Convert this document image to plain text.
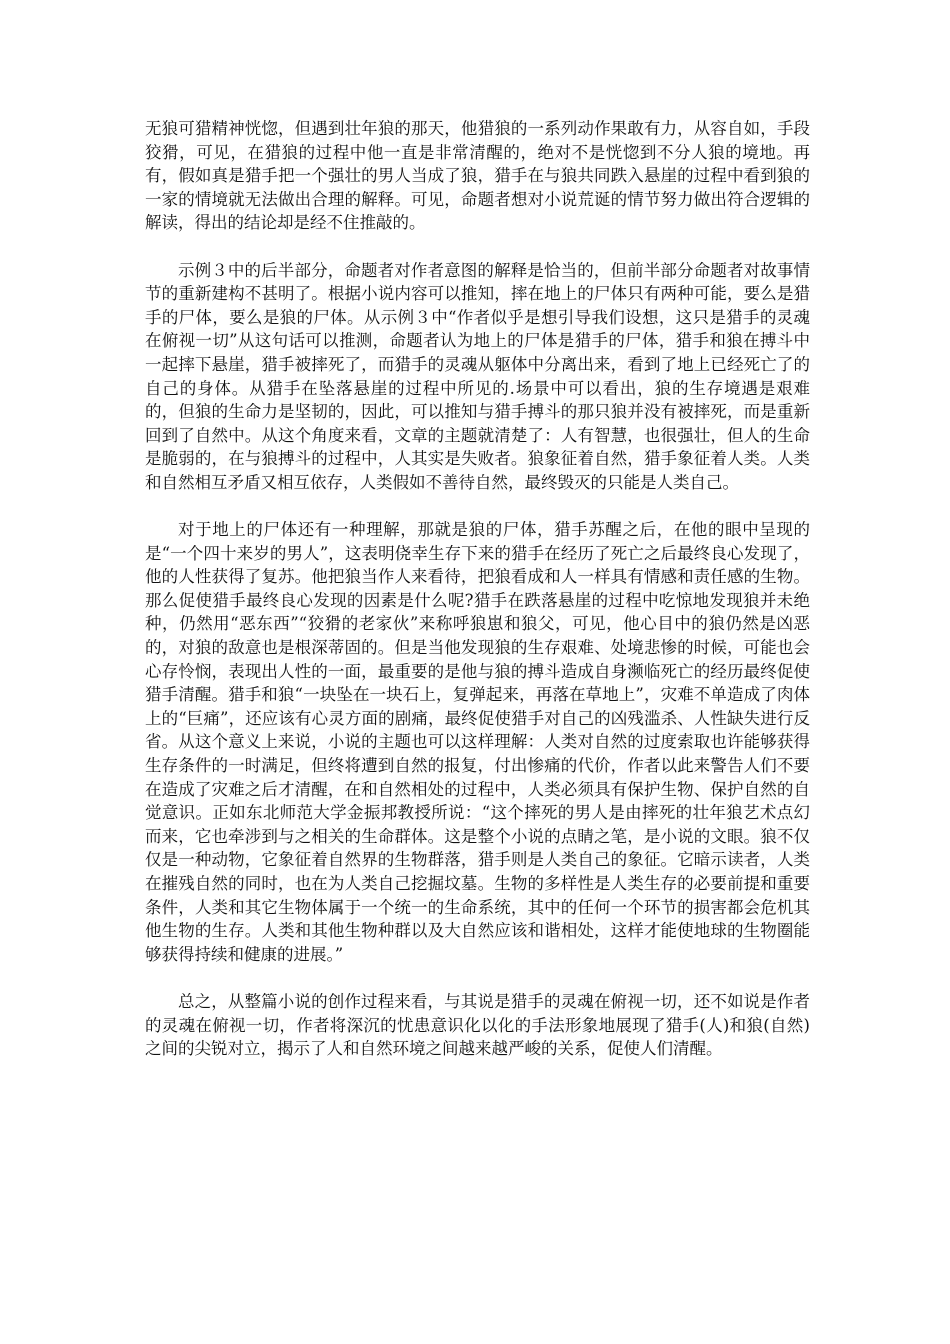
无狼可猎精神恍惚，但遇到壮年狼的那天，他猎狼的一系列动作果敢有力，从容自如，手段狡猾，可见，在猎狼的过程中他一直是非常清醒的，绝对不是恍惚到不分人狼的境地。再有，假如真是猎手把一个强壮的男人当成了狼，猎手在与狼共同跌入悬崖的过程中看到狼的一家的情境就无法做出合理的解释。可见，命题者想对小说荒诞的情节努力做出符合逻辑的解读，得出的结论却是经不住推敲的。

示例３中的后半部分，命题者对作者意图的解释是恰当的，但前半部分命题者对故事情节的重新建构不甚明了。根据小说内容可以推知，摔在地上的尸体只有两种可能，要么是猎手的尸体，要么是狼的尸体。从示例３中“作者似乎是想引导我们设想，这只是猎手的灵魂在俯视一切”从这句话可以推测，命题者认为地上的尸体是猎手的尸体，猎手和狼在搏斗中一起摔下悬崖，猎手被摔死了，而猎手的灵魂从躯体中分离出来，看到了地上已经死亡了的自己的身体。从猎手在坠落悬崖的过程中所见的.场景中可以看出，狼的生存境遇是艰难的，但狼的生命力是坚韧的，因此，可以推知与猎手搏斗的那只狼并没有被摔死，而是重新回到了自然中。从这个角度来看，文章的主题就清楚了：人有智慧，也很强壮，但人的生命是脆弱的，在与狼搏斗的过程中，人其实是失败者。狼象征着自然，猎手象征着人类。人类和自然相互矛盾又相互依存，人类假如不善待自然，最终毁灭的只能是人类自己。

对于地上的尸体还有一种理解，那就是狼的尸体，猎手苏醒之后，在他的眼中呈现的是“一个四十来岁的男人”，这表明侥幸生存下来的猎手在经历了死亡之后最终良心发现了，他的人性获得了复苏。他把狼当作人来看待，把狼看成和人一样具有情感和责任感的生物。那么促使猎手最终良心发现的因素是什么呢?猎手在跌落悬崖的过程中吃惊地发现狼并未绝种，仍然用“恶东西”“狡猾的老家伙”来称呼狼崽和狼父，可见，他心目中的狼仍然是凶恶的，对狼的敌意也是根深蒂固的。但是当他发现狼的生存艰难、处境悲惨的时候，可能也会心存怜悯，表现出人性的一面，最重要的是他与狼的搏斗造成自身濒临死亡的经历最终促使猎手清醒。猎手和狼“一块坠在一块石上，复弹起来，再落在草地上”，灾难不单造成了肉体上的“巨痛”，还应该有心灵方面的剧痛，最终促使猎手对自己的凶残滥杀、人性缺失进行反省。从这个意义上来说，小说的主题也可以这样理解：人类对自然的过度索取也许能够获得生存条件的一时满足，但终将遭到自然的报复，付出惨痛的代价，作者以此来警告人们不要在造成了灾难之后才清醒，在和自然相处的过程中，人类必须具有保护生物、保护自然的自觉意识。正如东北师范大学金振邦教授所说：“这个摔死的男人是由摔死的壮年狼艺术点幻而来，它也牵涉到与之相关的生命群体。这是整个小说的点睛之笔，是小说的文眼。狼不仅仅是一种动物，它象征着自然界的生物群落，猎手则是人类自己的象征。它暗示读者，人类在摧残自然的同时，也在为人类自己挖掘坟墓。生物的多样性是人类生存的必要前提和重要条件，人类和其它生物体属于一个统一的生命系统，其中的任何一个环节的损害都会危机其他生物的生存。人类和其他生物种群以及大自然应该和谐相处，这样才能使地球的生物圈能够获得持续和健康的进展。”

总之，从整篇小说的创作过程来看，与其说是猎手的灵魂在俯视一切，还不如说是作者的灵魂在俯视一切，作者将深沉的忧患意识化以化的手法形象地展现了猎手(人)和狼(自然)之间的尖锐对立，揭示了人和自然环境之间越来越严峻的关系，促使人们清醒。
